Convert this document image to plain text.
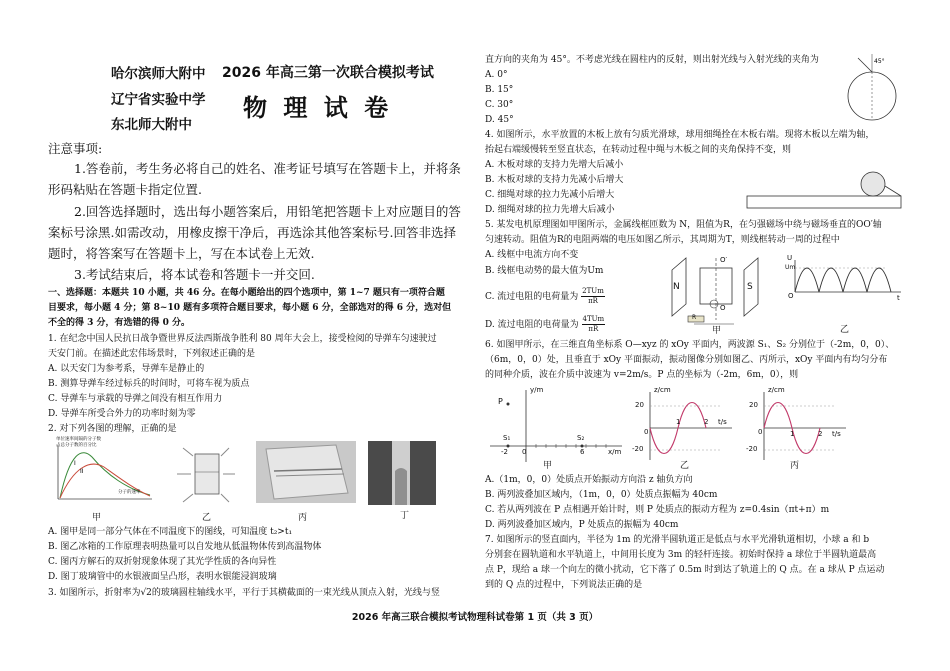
哈尔滨师大附中
辽宁省实验中学
东北师大附中
2026 年高三第一次联合模拟考试
物 理 试 卷
注意事项:
1.答卷前，考生务必将自己的姓名、准考证号填写在答题卡上，并将条
形码粘贴在答题卡指定位置.
2.回答选择题时，选出每小题答案后，用铅笔把答题卡上对应题目的答
案标号涂黑.如需改动，用橡皮擦干净后，再选涂其他答案标号.回答非选择
题时，将答案写在答题卡上，写在本试卷上无效.
3.考试结束后，将本试卷和答题卡一并交回.
一、选择题：本题共 10 小题，共 46 分。在每小题给出的四个选项中，第 1~7 题只有一项符合题
目要求，每小题 4 分；第 8~10 题有多项符合题目要求，每小题 6 分，全部选对的得 6 分，选对但
不全的得 3 分，有选错的得 0 分。
1. 在纪念中国人民抗日战争暨世界反法西斯战争胜利 80 周年大会上，接受检阅的导弹车匀速驶过
天安门前。在描述此宏伟场景时，下列叙述正确的是
A. 以天安门为参考系，导弹车是静止的
B. 测算导弹车经过标兵的时间时，可将车视为质点
C. 导弹车与承载的导弹之间没有相互作用力
D. 导弹车所受合外力的功率时刻为零
2. 对下列各图的理解，正确的是
I
II
单位速率间隔的分子数
占总分子数的百分比
分子的速率
甲	乙	丙	丁
A. 图甲是同一部分气体在不同温度下的图线，可知温度 t₂>t₁
B. 图乙冰箱的工作原理表明热量可以自发地从低温物体传到高温物体
C. 图丙方解石的双折射现象体现了其光学性质的各向异性
D. 图丁玻璃管中的水银液面呈凸形，表明水银能浸润玻璃
3. 如图所示，折射率为√2的玻璃圆柱轴线水平，平行于其横截面的一束光线从顶点入射，光线与竖
直方向的夹角为 45°。不考虑光线在圆柱内的反射，则出射光线与入射光线的夹角为
A. 0°
B. 15°
C. 30°
D. 45°
45°
4. 如图所示，水平放置的木板上放有匀质光滑球，球用细绳拴在木板右端。现将木板以左端为轴，
抬起右端缓慢转至竖直状态，在转动过程中绳与木板之间的夹角保持不变，则
A. 木板对球的支持力先增大后减小
B. 木板对球的支持力先减小后增大
C. 细绳对球的拉力先减小后增大
D. 细绳对球的拉力先增大后减小
5. 某发电机原理图如甲图所示，金属线框匝数为 N，阻值为R，在匀强磁场中绕与磁场垂直的OO′轴
匀速转动。阻值为R的电阻两端的电压如图乙所示，其周期为T，则线框转动一周的过程中
A. 线框中电流方向不变
B. 线框电动势的最大值为Um
C. 流过电阻的电荷量为
2TUm
πR
D. 流过电阻的电荷量为
4TUm
πR
N	S
O′
O
R
甲
U
Um
O	t
乙
6. 如图甲所示，在三维直角坐标系 O—xyz 的 xOy 平面内，两波源 S₁、S₂ 分别位于（-2m，0，0）、
（6m，0，0）处，且垂直于 xOy 平面振动，振动图像分别如图乙、丙所示，xOy 平面内有均匀分布
的同种介质，波在介质中波速为 v=2m/s。P 点的坐标为（-2m，6m，0），则
y/m
x/m
P
S₁	S₂
-2 0	6
甲
z/cm
20
-20
0
1	2 t/s
乙
z/cm
20
-20
0	1	2 t/s
丙
A.（1m，0，0）处质点开始振动方向沿 z 轴负方向
B. 两列波叠加区域内，（1m，0，0）处质点振幅为 40cm
C. 若从两列波在 P 点相遇开始计时，则 P 处质点的振动方程为 z=0.4sin（πt+π）m
D. 两列波叠加区域内，P 处质点的振幅为 40cm
7. 如图所示的竖直面内，半径为 1m 的光滑半圆轨道正是低点与水平光滑轨道相切，小球 a 和 b
分别套在圆轨道和水平轨道上，中间用长度为 3m 的轻杆连接。初始时保持 a 球位于半圆轨道最高
点 P，现给 a 球一个向左的微小扰动，它下落了 0.5m 时到达了轨道上的 Q 点。在 a 球从 P 点运动
到的 Q 点的过程中，下列说法正确的是
2026 年高三联合模拟考试物理科试卷第 1 页（共 3 页）
